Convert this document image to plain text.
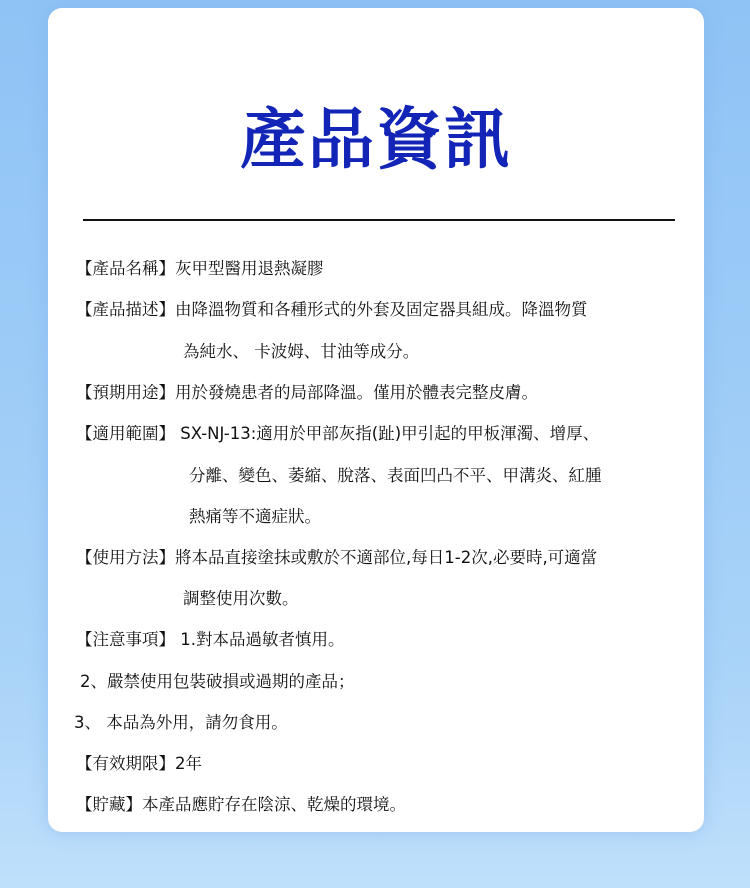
產品資訊
【產品名稱】灰甲型醫用退熱凝膠
【產品描述】由降溫物質和各種形式的外套及固定器具組成。降溫物質
為純水、 卡波姆、甘油等成分。
【預期用途】用於發燒患者的局部降溫。僅用於體表完整皮膚。
【適用範圍】 SX-NJ-13:適用於甲部灰指(趾)甲引起的甲板渾濁、增厚、
分離、變色、萎縮、脫落、表面凹凸不平、甲溝炎、紅腫
熱痛等不適症狀。
【使用方法】將本品直接塗抹或敷於不適部位,每日1-2次,必要時,可適當
調整使用次數。
【注意事項】 1.對本品過敏者慎用。
2、嚴禁使用包裝破損或過期的產品；
3、 本品為外用，請勿食用。
【有效期限】2年
【貯藏】本產品應貯存在陰涼、乾燥的環境。
